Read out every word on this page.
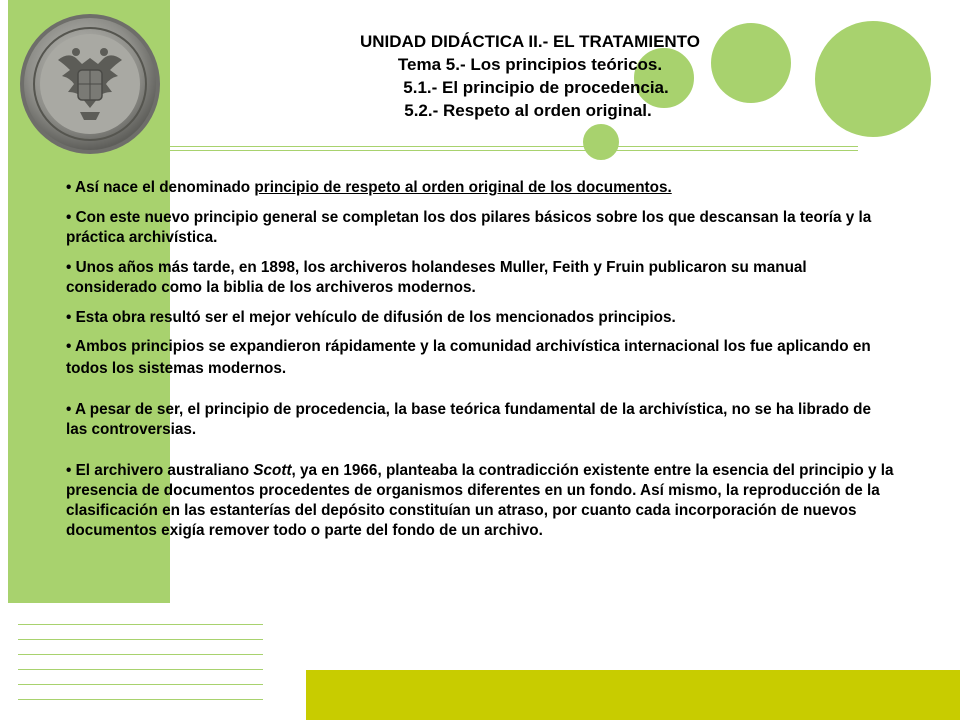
UNIDAD DIDÁCTICA II.- EL TRATAMIENTO
Tema 5.- Los principios teóricos.
5.1.- El principio de procedencia.
5.2.- Respeto al orden original.

• Así nace el denominado principio de respeto al orden original de los documentos.

• Con este nuevo principio general se completan los dos pilares básicos sobre los que descansan la teoría y la práctica archivística.

• Unos años más tarde, en 1898, los archiveros holandeses Muller, Feith y Fruin publicaron su manual considerado como la biblia de los archiveros modernos.

• Esta obra resultó ser el mejor vehículo de difusión de los mencionados principios.

• Ambos principios se expandieron rápidamente y la comunidad archivística internacional los fue aplicando en todos los sistemas modernos.

• A pesar de ser, el principio de procedencia, la base teórica fundamental de la archivística, no se ha librado de las controversias.

• El archivero australiano Scott, ya en 1966, planteaba la contradicción existente entre la esencia del principio y la presencia de documentos procedentes de organismos diferentes en un fondo. Así mismo, la reproducción de la clasificación en las estanterías del depósito constituían un atraso, por cuanto cada incorporación de nuevos documentos exigía remover todo o parte del fondo de un archivo.
